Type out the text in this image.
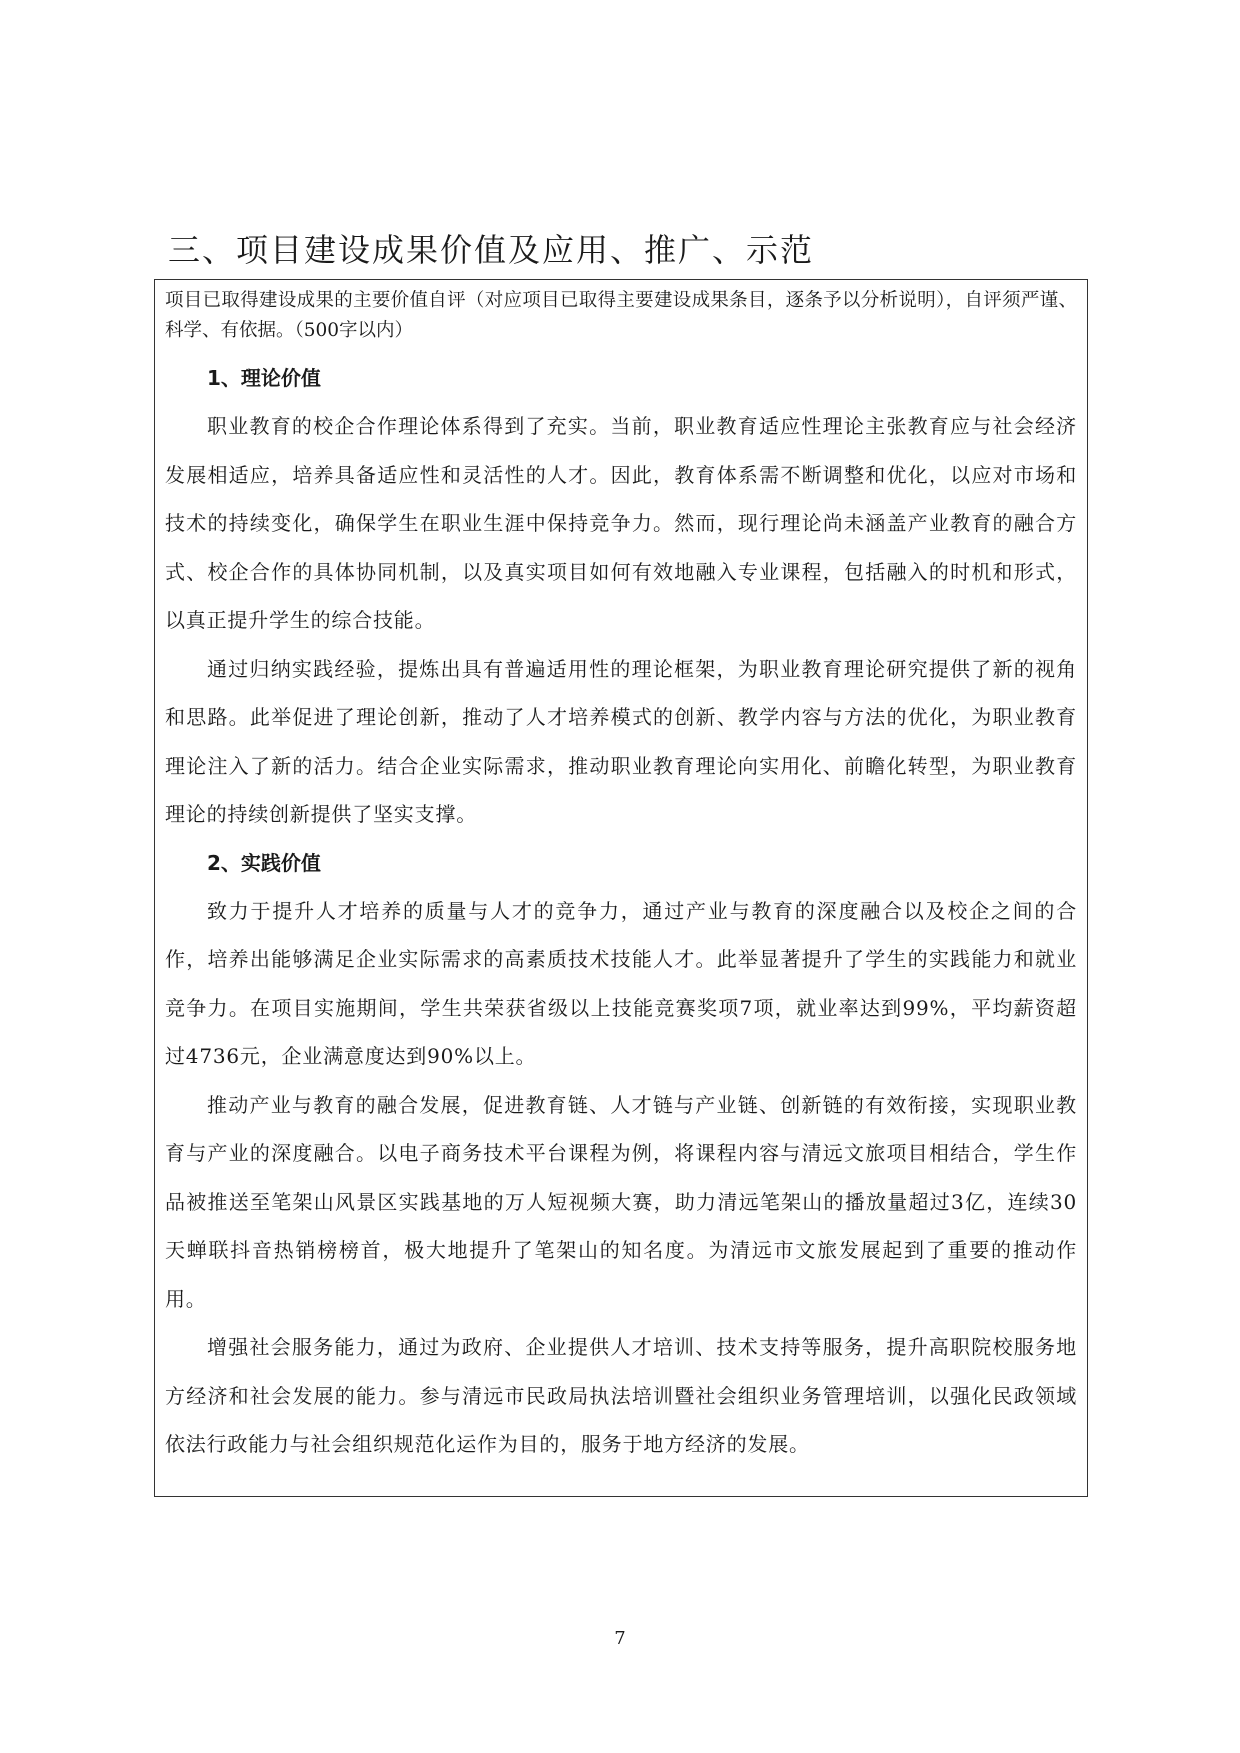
三、项目建设成果价值及应用、推广、示范

项目已取得建设成果的主要价值自评（对应项目已取得主要建设成果条目，逐条予以分析说明），自评须严谨、科学、有依据。（500字以内）

1、理论价值

职业教育的校企合作理论体系得到了充实。当前，职业教育适应性理论主张教育应与社会经济发展相适应，培养具备适应性和灵活性的人才。因此，教育体系需不断调整和优化，以应对市场和技术的持续变化，确保学生在职业生涯中保持竞争力。然而，现行理论尚未涵盖产业教育的融合方式、校企合作的具体协同机制，以及真实项目如何有效地融入专业课程，包括融入的时机和形式，以真正提升学生的综合技能。

通过归纳实践经验，提炼出具有普遍适用性的理论框架，为职业教育理论研究提供了新的视角和思路。此举促进了理论创新，推动了人才培养模式的创新、教学内容与方法的优化，为职业教育理论注入了新的活力。结合企业实际需求，推动职业教育理论向实用化、前瞻化转型，为职业教育理论的持续创新提供了坚实支撑。

2、实践价值

致力于提升人才培养的质量与人才的竞争力，通过产业与教育的深度融合以及校企之间的合作，培养出能够满足企业实际需求的高素质技术技能人才。此举显著提升了学生的实践能力和就业竞争力。在项目实施期间，学生共荣获省级以上技能竞赛奖项7项，就业率达到99%，平均薪资超过4736元，企业满意度达到90%以上。

推动产业与教育的融合发展，促进教育链、人才链与产业链、创新链的有效衔接，实现职业教育与产业的深度融合。以电子商务技术平台课程为例，将课程内容与清远文旅项目相结合，学生作品被推送至笔架山风景区实践基地的万人短视频大赛，助力清远笔架山的播放量超过3亿，连续30天蝉联抖音热销榜榜首，极大地提升了笔架山的知名度。为清远市文旅发展起到了重要的推动作用。

增强社会服务能力，通过为政府、企业提供人才培训、技术支持等服务，提升高职院校服务地方经济和社会发展的能力。参与清远市民政局执法培训暨社会组织业务管理培训，以强化民政领域依法行政能力与社会组织规范化运作为目的，服务于地方经济的发展。

7
